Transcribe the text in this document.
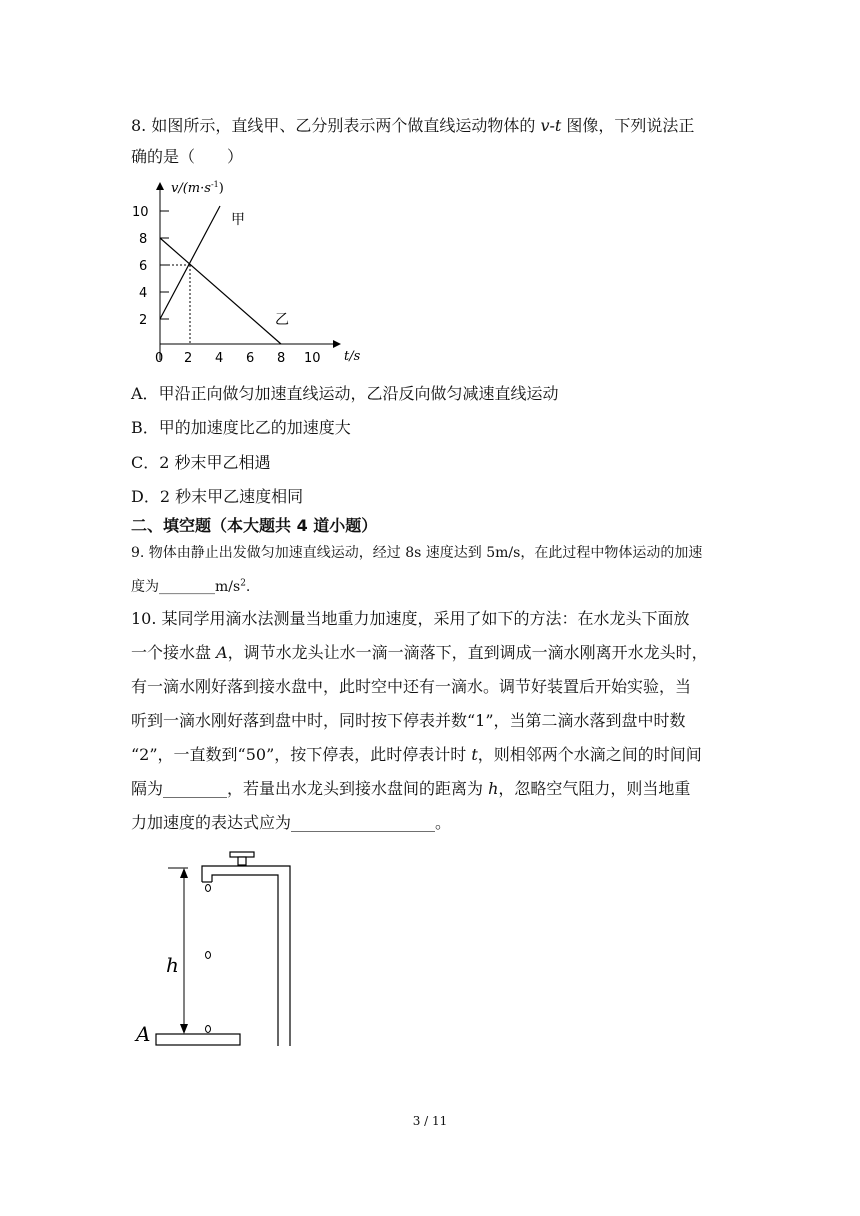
8. 如图所示，直线甲、乙分别表示两个做直线运动物体的 v-t 图像，下列说法正
确的是（　　）
$v/(m\cdot s^{-1})$
t/s
2
4
6
8
10
0 2 4 6 8 10
甲
乙
A．甲沿正向做匀加速直线运动，乙沿反向做匀减速直线运动
B．甲的加速度比乙的加速度大
C．2 秒末甲乙相遇
D．2 秒末甲乙速度相同
二、填空题（本大题共 4 道小题）
9. 物体由静止出发做匀加速直线运动，经过 8s 速度达到 5m/s，在此过程中物体运动的加速
度为$\_\_\_\_\_\_\_\_m/s^2$.
10. 某同学用滴水法测量当地重力加速度，采用了如下的方法：在水龙头下面放
一个接水盘 A，调节水龙头让水一滴一滴落下，直到调成一滴水刚离开水龙头时，
有一滴水刚好落到接水盘中，此时空中还有一滴水。调节好装置后开始实验，当
听到一滴水刚好落到盘中时，同时按下停表并数“1”，当第二滴水落到盘中时数
“2”，一直数到“50”，按下停表，此时停表计时 t，则相邻两个水滴之间的时间间
隔为________，若量出水龙头到接水盘间的距离为 h，忽略空气阻力，则当地重
力加速度的表达式应为__________________。
h
A
3 / 11
